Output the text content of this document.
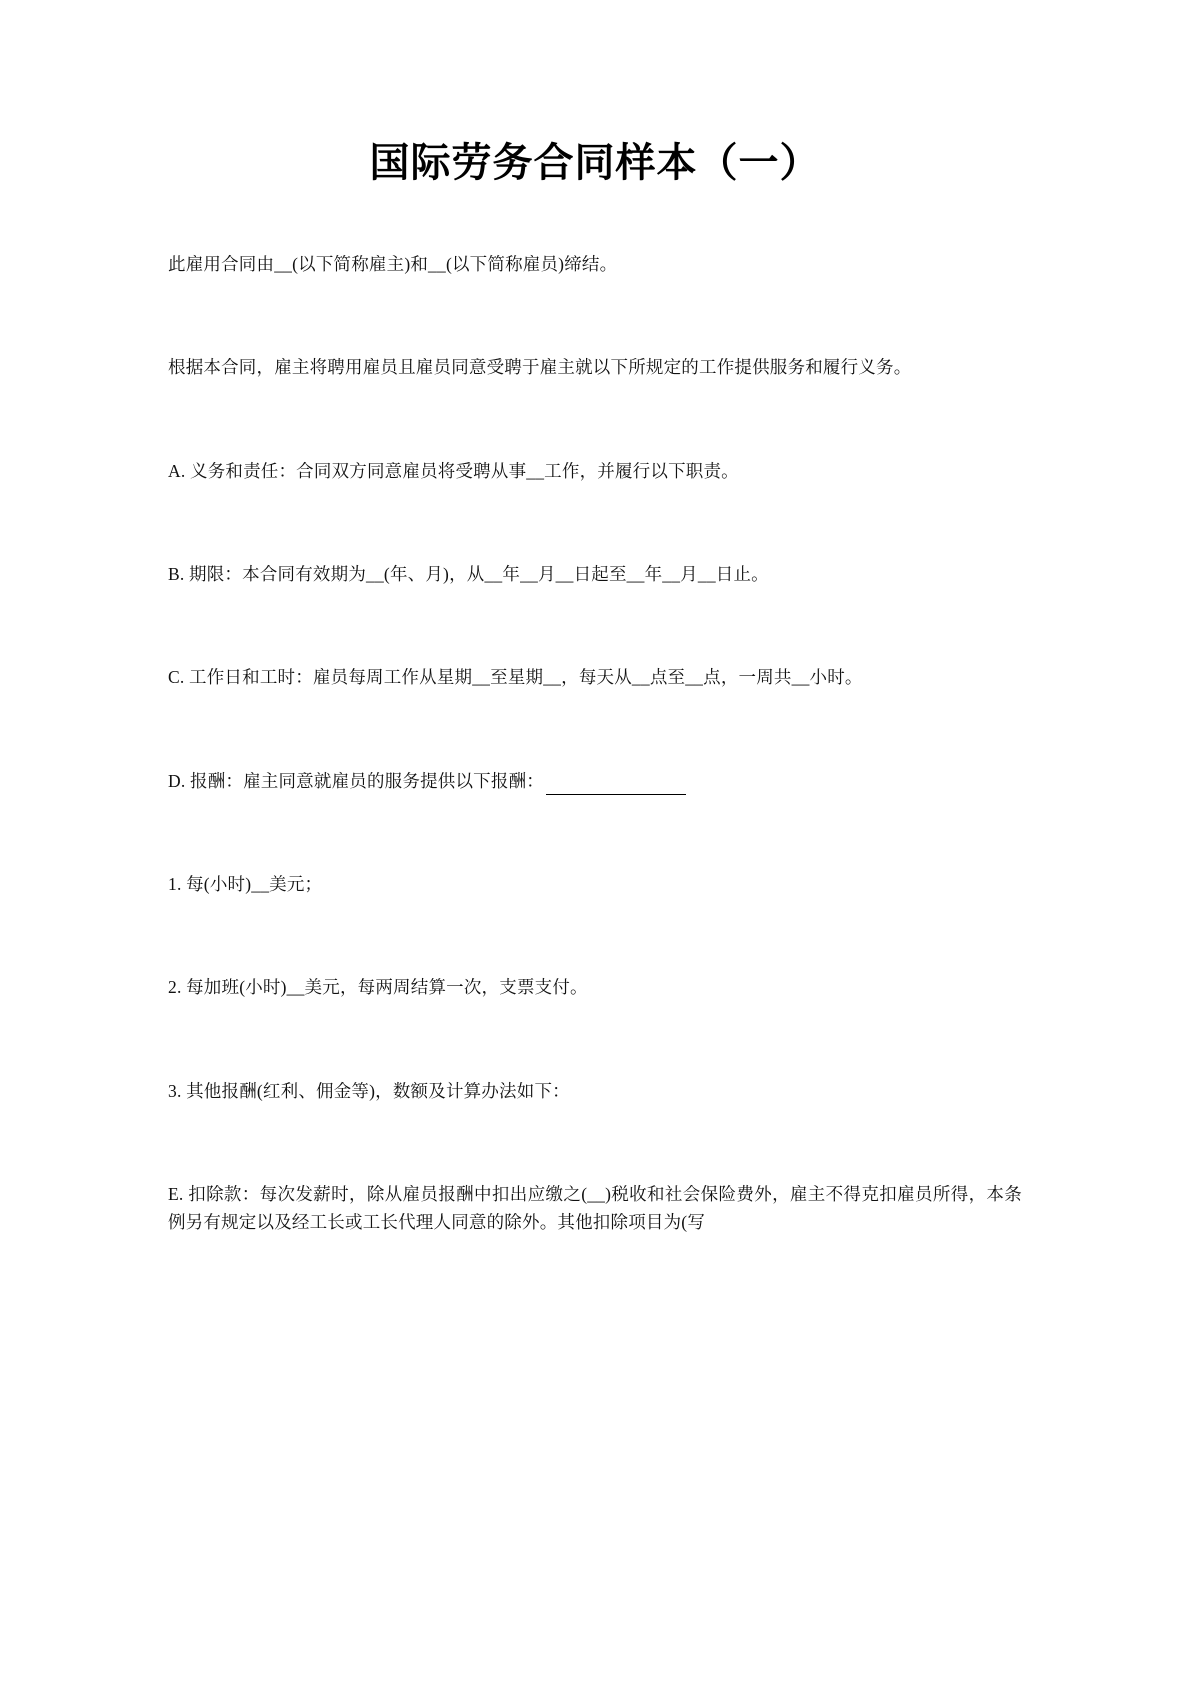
国际劳务合同样本（一）

此雇用合同由__(以下简称雇主)和__(以下简称雇员)缔结。

根据本合同，雇主将聘用雇员且雇员同意受聘于雇主就以下所规定的工作提供服务和履行义务。

A. 义务和责任：合同双方同意雇员将受聘从事__工作，并履行以下职责。

B. 期限：本合同有效期为__(年、月)，从__年__月__日起至__年__月__日止。

C. 工作日和工时：雇员每周工作从星期__至星期__，每天从__点至__点，一周共__小时。

D. 报酬：雇主同意就雇员的服务提供以下报酬：

1. 每(小时)__美元；

2. 每加班(小时)__美元，每两周结算一次，支票支付。

3. 其他报酬(红利、佣金等)，数额及计算办法如下：

E. 扣除款：每次发薪时，除从雇员报酬中扣出应缴之(__)税收和社会保险费外，雇主不得克扣雇员所得，本条例另有规定以及经工长或工长代理人同意的除外。其他扣除项目为(写
